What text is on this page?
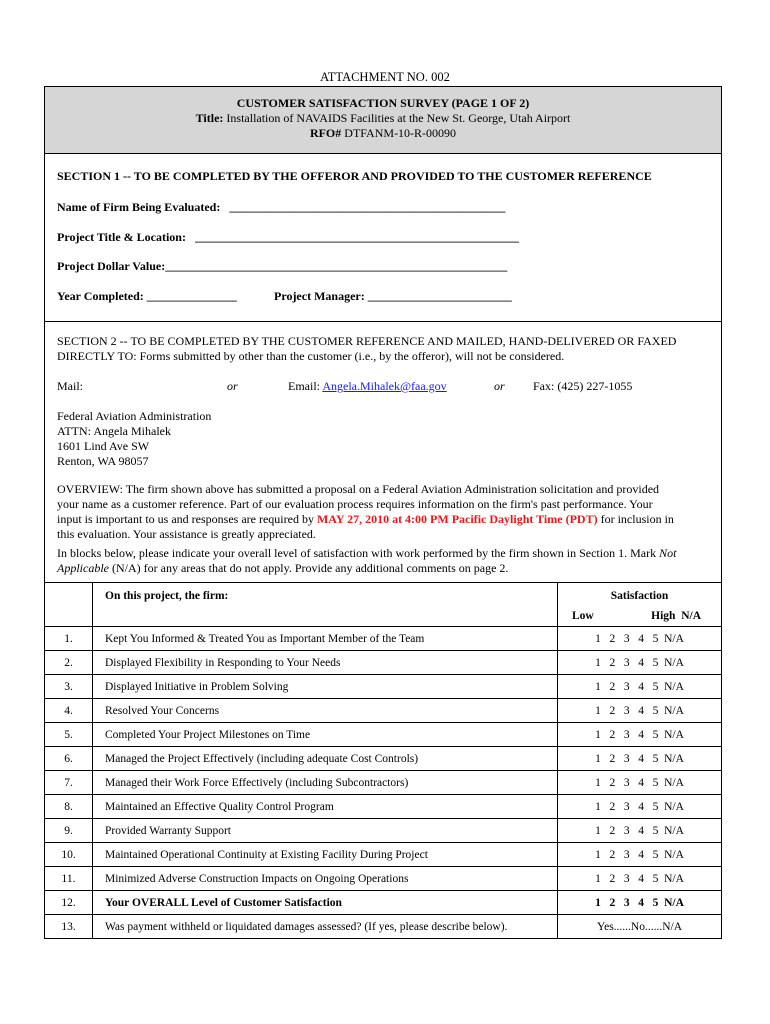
ATTACHMENT NO. 002
CUSTOMER SATISFACTION SURVEY (PAGE 1 OF 2)
Title: Installation of NAVAIDS Facilities at the New St. George, Utah Airport
RFO# DTFANM-10-R-00090
SECTION 1 -- TO BE COMPLETED BY THE OFFEROR AND PROVIDED TO THE CUSTOMER REFERENCE
Name of Firm Being Evaluated:   ______________________________________________
Project Title & Location:   ______________________________________________________
Project Dollar Value:_________________________________________________________
Year Completed: _______________	Project Manager: ________________________
SECTION 2 -- TO BE COMPLETED BY THE CUSTOMER REFERENCE AND MAILED, HAND-DELIVERED OR FAXED
DIRECTLY TO: Forms submitted by other than the customer (i.e., by the offeror), will not be considered.
Mail:	or	Email: Angela.Mihalek@faa.gov	or Fax: (425) 227-1055
Federal Aviation Administration
ATTN: Angela Mihalek
1601 Lind Ave SW
Renton, WA 98057
OVERVIEW: The firm shown above has submitted a proposal on a Federal Aviation Administration solicitation and provided
your name as a customer reference. Part of our evaluation process requires information on the firm's past performance. Your
input is important to us and responses are required by MAY 27, 2010 at 4:00 PM Pacific Daylight Time (PDT) for inclusion in
this evaluation. Your assistance is greatly appreciated.
In blocks below, please indicate your overall level of satisfaction with work performed by the firm shown in Section 1. Mark Not
Applicable (N/A) for any areas that do not apply. Provide any additional comments on page 2.

	On this project, the firm:	Satisfaction
Low High  N/A

1.	Kept You Informed & Treated You as Important Member of the Team	1   2   3   4   5  N/A
2.	Displayed Flexibility in Responding to Your Needs	1   2   3   4   5  N/A
3.	Displayed Initiative in Problem Solving	1   2   3   4   5  N/A
4.	Resolved Your Concerns	1   2   3   4   5  N/A
5.	Completed Your Project Milestones on Time	1   2   3   4   5  N/A
6.	Managed the Project Effectively (including adequate Cost Controls)	1   2   3   4   5  N/A
7.	Managed their Work Force Effectively (including Subcontractors)	1   2   3   4   5  N/A
8.	Maintained an Effective Quality Control Program	1   2   3   4   5  N/A
9.	Provided Warranty Support	1   2   3   4   5  N/A
10.	Maintained Operational Continuity at Existing Facility During Project	1   2   3   4   5  N/A
11.	Minimized Adverse Construction Impacts on Ongoing Operations	1   2   3   4   5  N/A
12.	Your OVERALL Level of Customer Satisfaction	1   2   3   4   5  N/A
13.	Was payment withheld or liquidated damages assessed? (If yes, please describe below).	Yes......No......N/A
